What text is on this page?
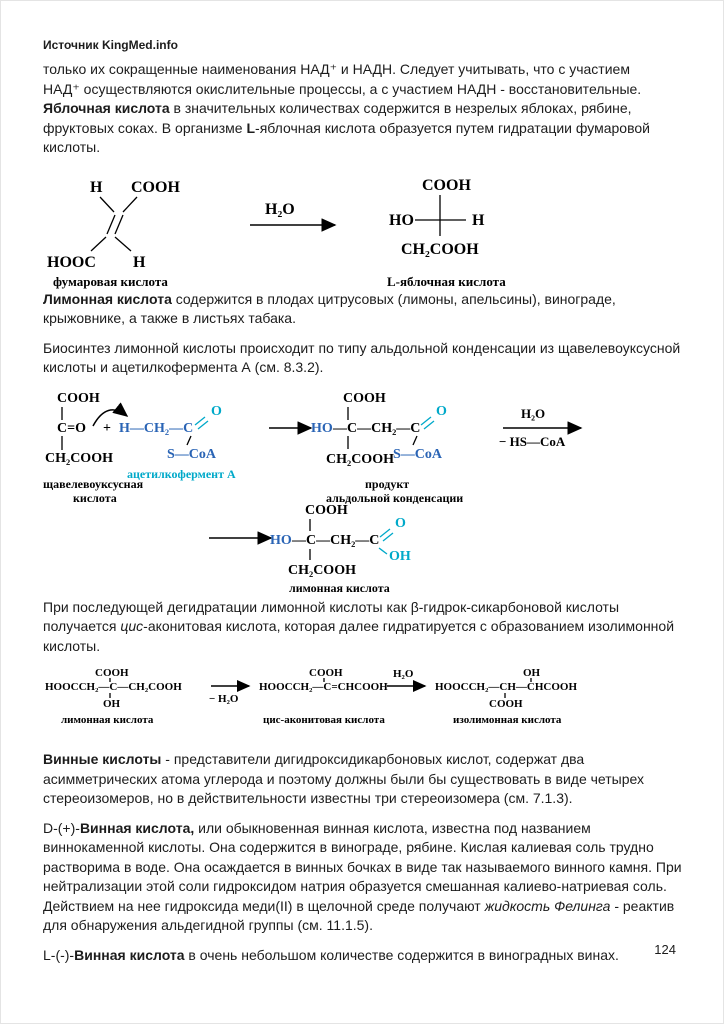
Источник KingMed.info
только их сокращенные наименования НАД⁺ и НАДН. Следует учитывать, что с участием
НАД⁺ осуществляются окислительные процессы, а с участием НАДН - восстановительные.
Яблочная кислота в значительных количествах содержится в незрелых яблоках, рябине,
фруктовых соках. В организме L-яблочная кислота образуется путем гидратации фумаровой
кислоты.
H COOH
HOOC H
фумаровая кислота
H₂O
COOH
HO	H
CH₂COOH
L-яблочная кислота
Лимонная кислота содержится в плодах цитрусовых (лимоны, апельсины), винограде,
крыжовнике, а также в листьях табака.
Биосинтез лимонной кислоты происходит по типу альдольной конденсации из щавелевоуксусной
кислоты и ацетилкофермента А (см. 8.3.2).
COOH
C=O
CH₂COOH
щавелевоуксусная
кислота
+ H—CH₂—C
O
S—CoA
ацетилкофермент А
COOH
HO —C—CH₂—C
O
S—CoA
CH₂COOH
продукт
альдольной конденсации
H₂O
− HS—CoA
COOH
HO —C—CH₂—C
O
OH
CH₂COOH
лимонная кислота
При последующей дегидратации лимонной кислоты как β-гидрок-сикарбоновой кислоты
получается цис-аконитовая кислота, которая далее гидратируется с образованием изолимонной
кислоты.
COOH
HOOCCH₂—C—CH₂COOH
OH
лимонная кислота
− H₂O
COOH
HOOCCH₂—C=CHCOOH
цис-аконитовая кислота
H₂O	OH
HOOCCH₂—CH—CHCOOH
COOH
изолимонная кислота
Винные кислоты - представители дигидроксидикарбоновых кислот, содержат два
асимметрических атома углерода и поэтому должны были бы существовать в виде четырех
стереоизомеров, но в действительности известны три стереоизомера (см. 7.1.3).
D-(+)-Винная кислота, или обыкновенная винная кислота, известна под названием
виннокаменной кислоты. Она содержится в винограде, рябине. Кислая калиевая соль трудно
растворима в воде. Она осаждается в винных бочках в виде так называемого винного камня. При
нейтрализации этой соли гидроксидом натрия образуется смешанная калиево-натриевая соль.
Действием на нее гидроксида меди(II) в щелочной среде получают жидкость Фелинга - реактив
для обнаружения альдегидной группы (см. 11.1.5).
L-(-)-Винная кислота в очень небольшом количестве содержится в виноградных винах.	124
